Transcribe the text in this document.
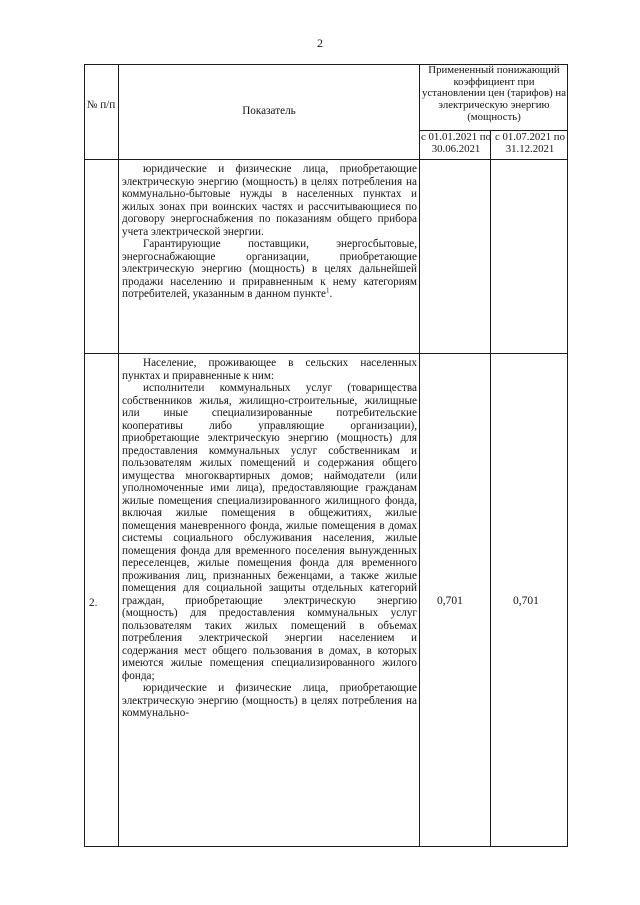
2
№ п/п	Показатель
Примененный понижающий коэффициент при установлении цен (тарифов) на электрическую энергию (мощность)
с 01.01.2021 по 30.06.2021
с 01.07.2021 по 31.12.2021

юридические и физические лица, приобретающие электрическую энергию (мощность) в целях потребления на коммунально-бытовые нужды в населенных пунктах и жилых зонах при воинских частях и рассчитывающиеся по договору энергоснабжения по показаниям общего прибора учета электрической энергии.

Гарантирующие поставщики, энергосбытовые, энергоснабжающие организации, приобретающие электрическую энергию (мощность) в целях дальнейшей продажи населению и приравненным к нему категориям потребителей, указанным в данном пункте$^1$.

2.

Население, проживающее в сельских населенных пунктах и приравненные к ним:

исполнители коммунальных услуг (товарищества собственников жилья, жилищно-строительные, жилищные или иные специализированные потребительские кооперативы либо управляющие организации), приобретающие электрическую энергию (мощность) для предоставления коммунальных услуг собственникам и пользователям жилых помещений и содержания общего имущества многоквартирных домов; наймодатели (или уполномоченные ими лица), предоставляющие гражданам жилые помещения специализированного жилищного фонда, включая жилые помещения в общежитиях, жилые помещения маневренного фонда, жилые помещения в домах системы социального обслуживания населения, жилые помещения фонда для временного поселения вынужденных переселенцев, жилые помещения фонда для временного проживания лиц, признанных беженцами, а также жилые помещения для социальной защиты отдельных категорий граждан, приобретающие электрическую энергию (мощность) для предоставления коммунальных услуг пользователям таких жилых помещений в объемах потребления электрической энергии населением и содержания мест общего пользования в домах, в которых имеются жилые помещения специализированного жилого фонда;

юридические и физические лица, приобретающие электрическую энергию (мощность) в целях потребления на коммунально-

0,701	0,701
